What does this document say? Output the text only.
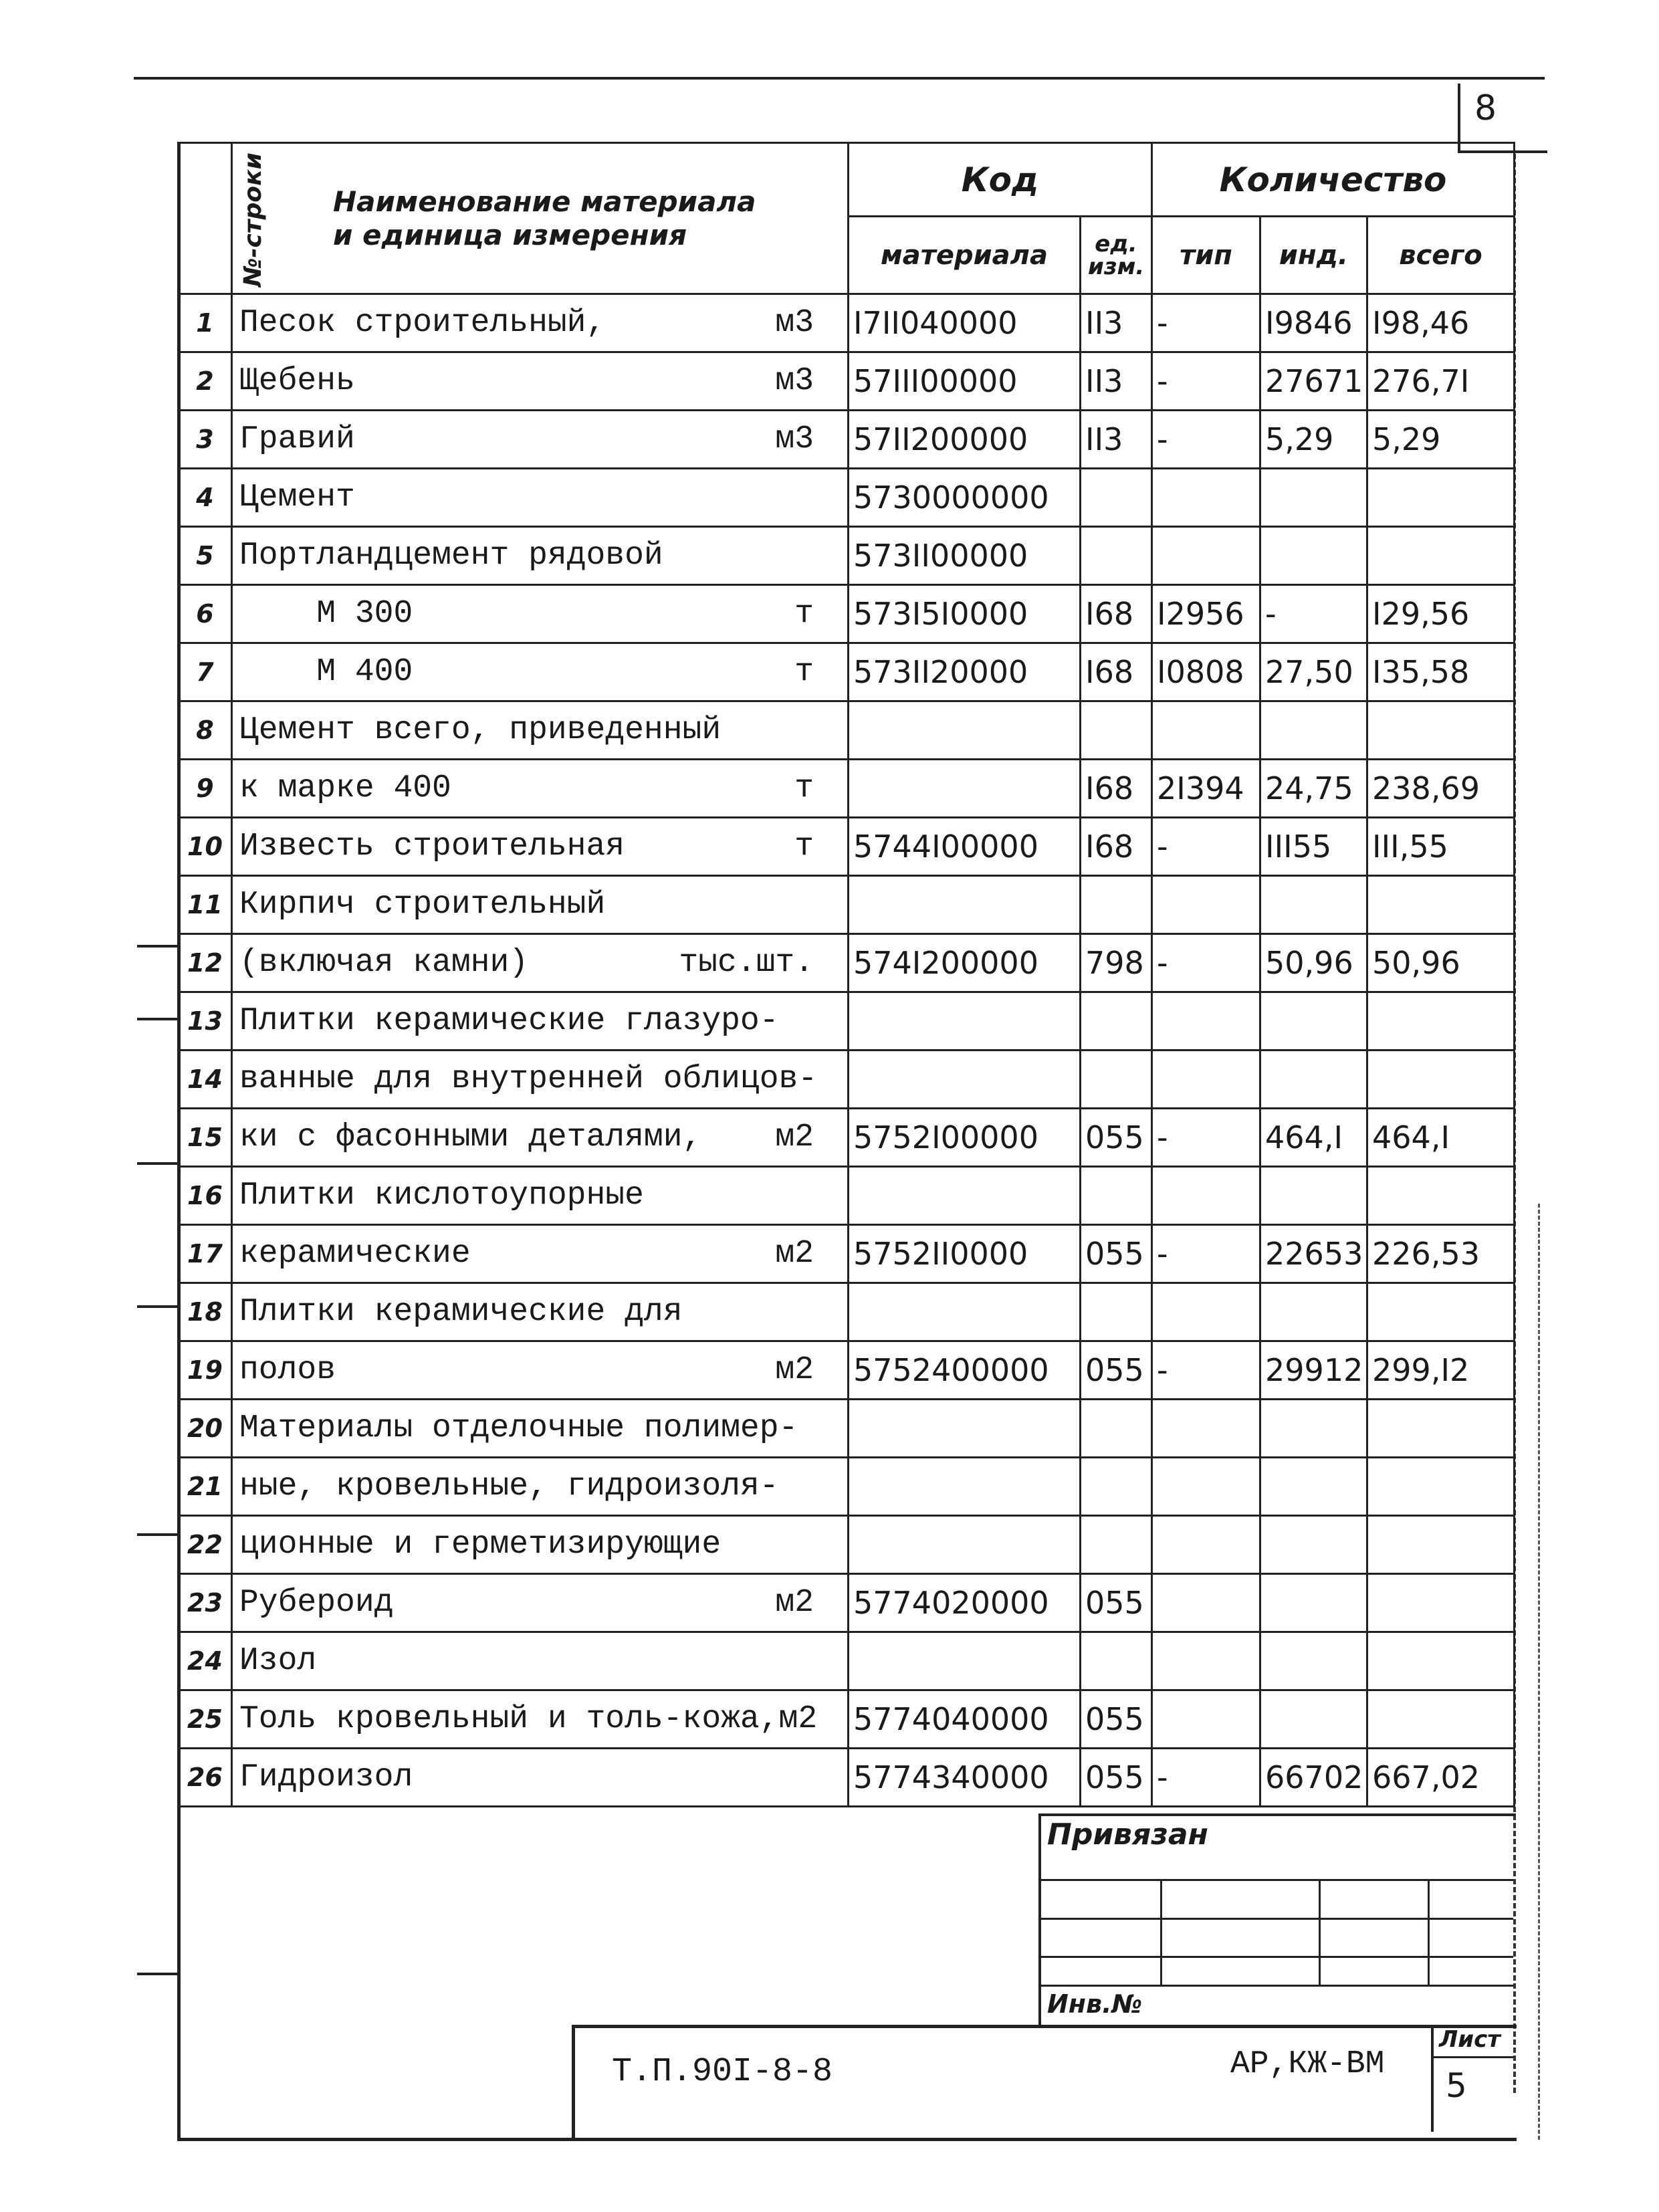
8
№-строки	Наименование материала
и единица измерения	Код		Количество		
		материала	ед. изм.	тип	инд.	всего
1	Песок строительный, м3	I7II040000	II3	-	I9846	I98,46
2	Щебень м3	57III00000	II3	-	27671	276,7I
3	Гравий м3	57II200000	II3	-	5,29	5,29
4	Цемент	5730000000				
5	Портландцемент рядовой	573II00000				
6	М 300 т	573I5I0000	I68	I2956	-	I29,56
7	М 400 т	573II20000	I68	I0808	27,50	I35,58
8	Цемент всего, приведенный

9	к марке 400 т		I68	2I394	24,75	238,69
10	Известь строительная т	5744I00000	I68	-	III55	III,55
11	Кирпич строительный

12	(включая камни) тыс.шт.	574I200000	798	-	50,96	50,96
13	Плитки керамические глазуро-

14	ванные для внутренней облицов-

15	ки с фасонными деталями, м2	5752I00000	055	-	464,I	464,I
16	Плитки кислотоупорные

17	керамические м2	5752II0000	055	-	22653	226,53
18	Плитки керамические для

19	полов м2	5752400000	055	-	29912	299,I2
20	Материалы отделочные полимер-

21	ные, кровельные, гидроизоля-

22	ционные и герметизирующие

23	Рубероид м2	5774020000	055			
24	Изол

25	Толь кровельный и толь-кожа,м2	5774040000	055			
26	Гидроизол	5774340000	055	-	66702	667,02
Привязан
Инв.№
Т.П.90I-8-8	АР,КЖ-ВМ
Лист
5
